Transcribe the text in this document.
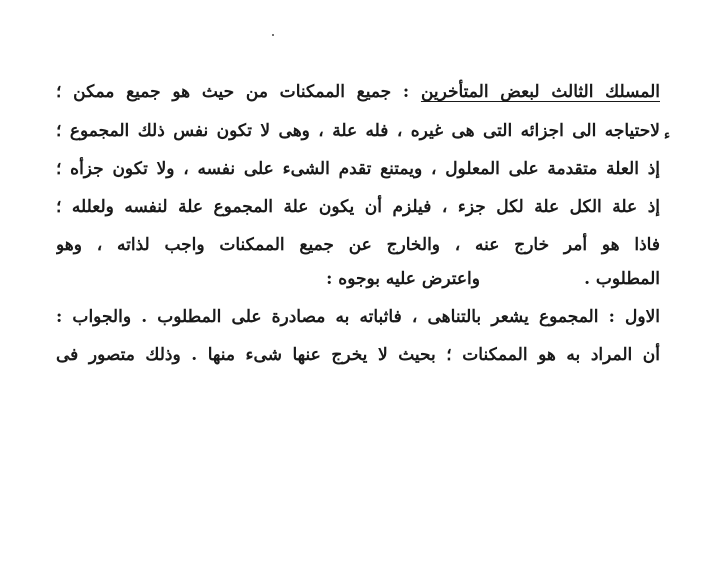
ء
المسلك الثالث لبعض المتأخرين : جميع الممكنات من حيث هو جميع ممكن ؛
لاحتياجه الى اجزائه التى هى غيره ، فله علة ، وهى لا تكون نفس ذلك المجموع ؛
إذ العلة متقدمة على المعلول ، ويمتنع تقدم الشىء على نفسه ، ولا تكون جزأه ؛
إذ علة الكل علة لكل جزء ، فيلزم أن يكون علة المجموع علة لنفسه ولعلله ؛
فاذا هو أمر خارج عنه ، والخارج عن جميع الممكنات واجب لذاته ، وهو
المطلوب .
واعترض عليه بوجوه :
الاول : المجموع يشعر بالتناهى ، فاثباته به مصادرة على المطلوب . والجواب :
أن المراد به هو الممكنات ؛ بحيث لا يخرج عنها شىء منها . وذلك متصور فى
